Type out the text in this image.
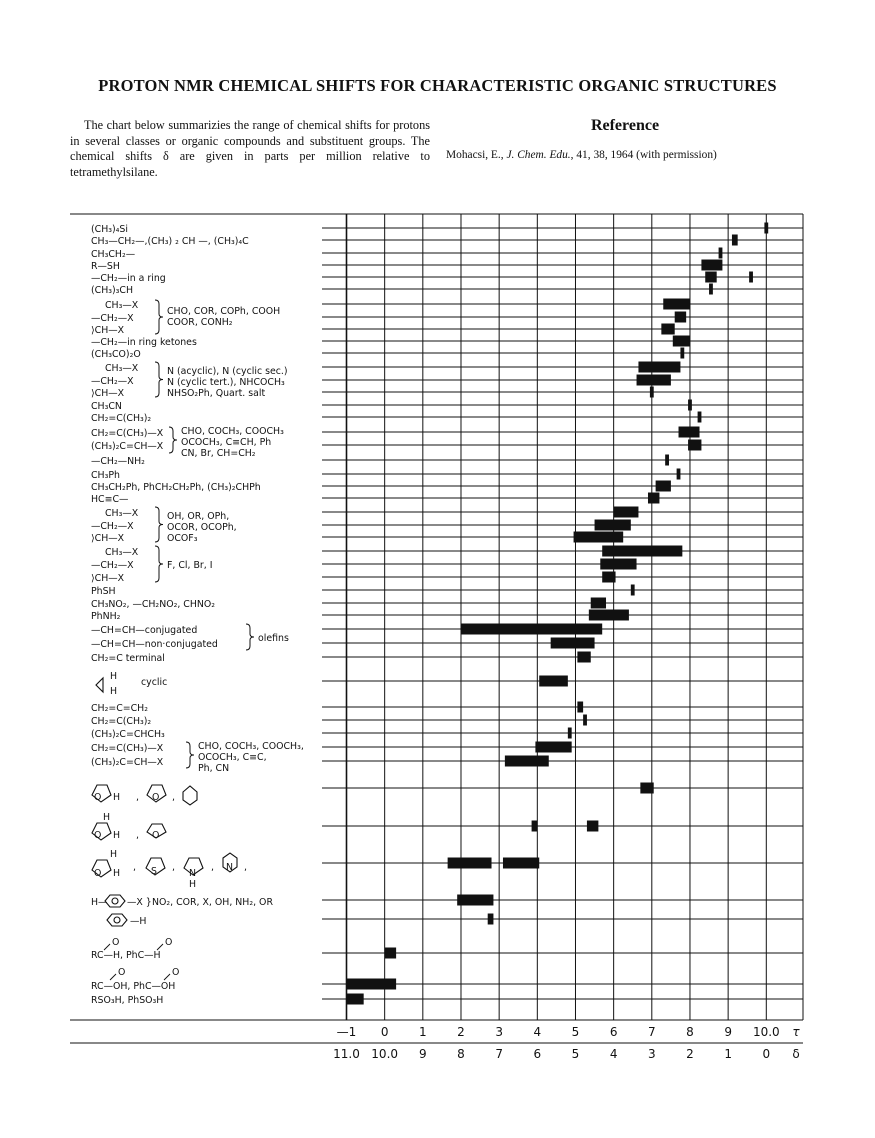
PROTON NMR CHEMICAL SHIFTS FOR CHARACTERISTIC ORGANIC STRUCTURES
The chart below summarizies the range of chemical shifts for protons in several classes or organic compounds and substituent groups. The chemical shifts δ are given in parts per million relative to tetramethylsilane.
Reference
Mohacsi, E., J. Chem. Edu., 41, 38, 1964 (with permission)
(CH₃)₄Si
CH₃—CH₂—,(CH₃) ₂ CH —, (CH₃)₄C
CH₃CH₂—
R—SH
—CH₂—in a ring
(CH₃)₃CH
CH₃—X
—CH₂—X
⟩CH—X
—CH₂—in ring ketones
(CH₃CO)₂O
CH₃—X
—CH₂—X
⟩CH—X
CH₃CN
CH₂=C(CH₃)₂
CH₂=C(CH₃)—X
(CH₃)₂C=CH—X
—CH₂—NH₂
CH₃Ph
CH₃CH₂Ph, PhCH₂CH₂Ph, (CH₃)₂CHPh
HC≡C—
CH₃—X
—CH₂—X
⟩CH—X
CH₃—X
—CH₂—X
⟩CH—X
PhSH
CH₃NO₂, —CH₂NO₂, CHNO₂
PhNH₂
—CH=CH—conjugated
—CH=CH—non·conjugated
CH₂=C terminal
cyclic
CH₂=C=CH₂
CH₂=C(CH₃)₂
(CH₃)₂C=CHCH₃
CH₂=C(CH₃)—X
(CH₃)₂C=CH—X
NO₂, COR, X, OH, NH₂, OR
RC—H, PhC—H
RC—OH, PhC—OH
RSO₃H, PhSO₃H
CHO, COR, COPh, COOH
COOR, CONH₂
N (acyclic), N (cyclic sec.)
N (cyclic tert.), NHCOCH₃
NHSO₂Ph, Quart. salt
CHO, COCH₃, COOCH₃
OCOCH₃, C≡CH, Ph
CN, Br, CH=CH₂
OH, OR, OPh,
OCOR, OCOPh,
OCOF₃
F, Cl, Br, I
olefins
CHO, COCH₃, COOCH₃,
OCOCH₃, C≡C,
Ph, CN
H
H
O H , O ,
H
O H , O
H
O H
, S ,
N
H
, N ,
H— —X }
—H
O	O
O	O
—1 0	1	2	3	4	5	6	7	8	9 10.0
11.0 10.0 9	8	7	6	5	4	3	2	1	0
τ
δ
